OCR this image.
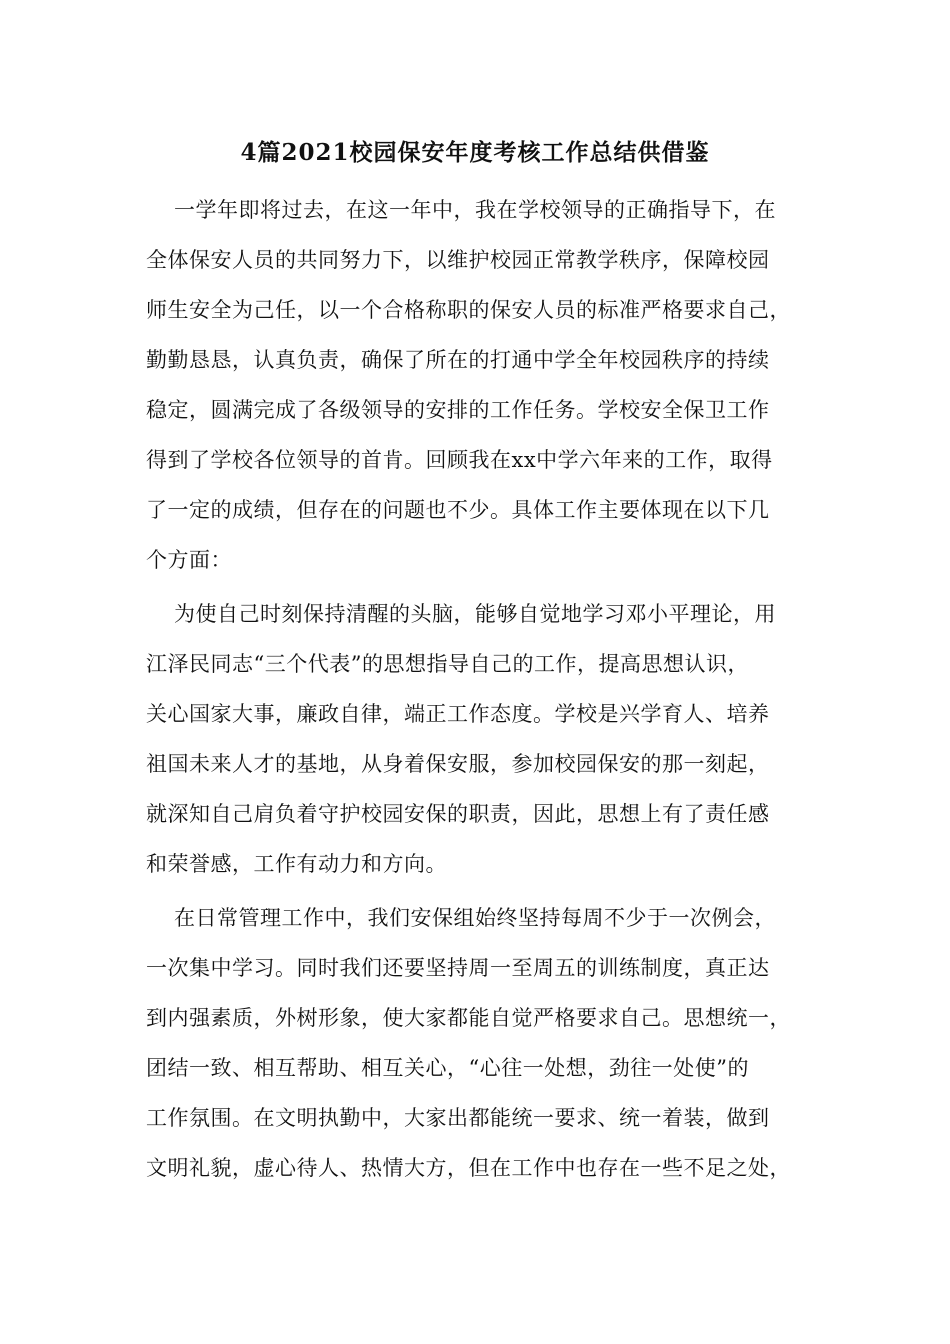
4篇2021校园保安年度考核工作总结供借鉴
一学年即将过去，在这一年中，我在学校领导的正确指导下，在
全体保安人员的共同努力下，以维护校园正常教学秩序，保障校园
师生安全为己任，以一个合格称职的保安人员的标准严格要求自己，
勤勤恳恳，认真负责，确保了所在的打通中学全年校园秩序的持续
稳定，圆满完成了各级领导的安排的工作任务。学校安全保卫工作
得到了学校各位领导的首肯。回顾我在xx中学六年来的工作，取得
了一定的成绩，但存在的问题也不少。具体工作主要体现在以下几
个方面：
为使自己时刻保持清醒的头脑，能够自觉地学习邓小平理论，用
江泽民同志“三个代表”的思想指导自己的工作，提高思想认识，
关心国家大事，廉政自律，端正工作态度。学校是兴学育人、培养
祖国未来人才的基地，从身着保安服，参加校园保安的那一刻起，
就深知自己肩负着守护校园安保的职责，因此，思想上有了责任感
和荣誉感，工作有动力和方向。
在日常管理工作中，我们安保组始终坚持每周不少于一次例会，
一次集中学习。同时我们还要坚持周一至周五的训练制度，真正达
到内强素质，外树形象，使大家都能自觉严格要求自己。思想统一，
团结一致、相互帮助、相互关心，“心往一处想，劲往一处使”的
工作氛围。在文明执勤中，大家出都能统一要求、统一着装，做到
文明礼貌，虚心待人、热情大方，但在工作中也存在一些不足之处，
